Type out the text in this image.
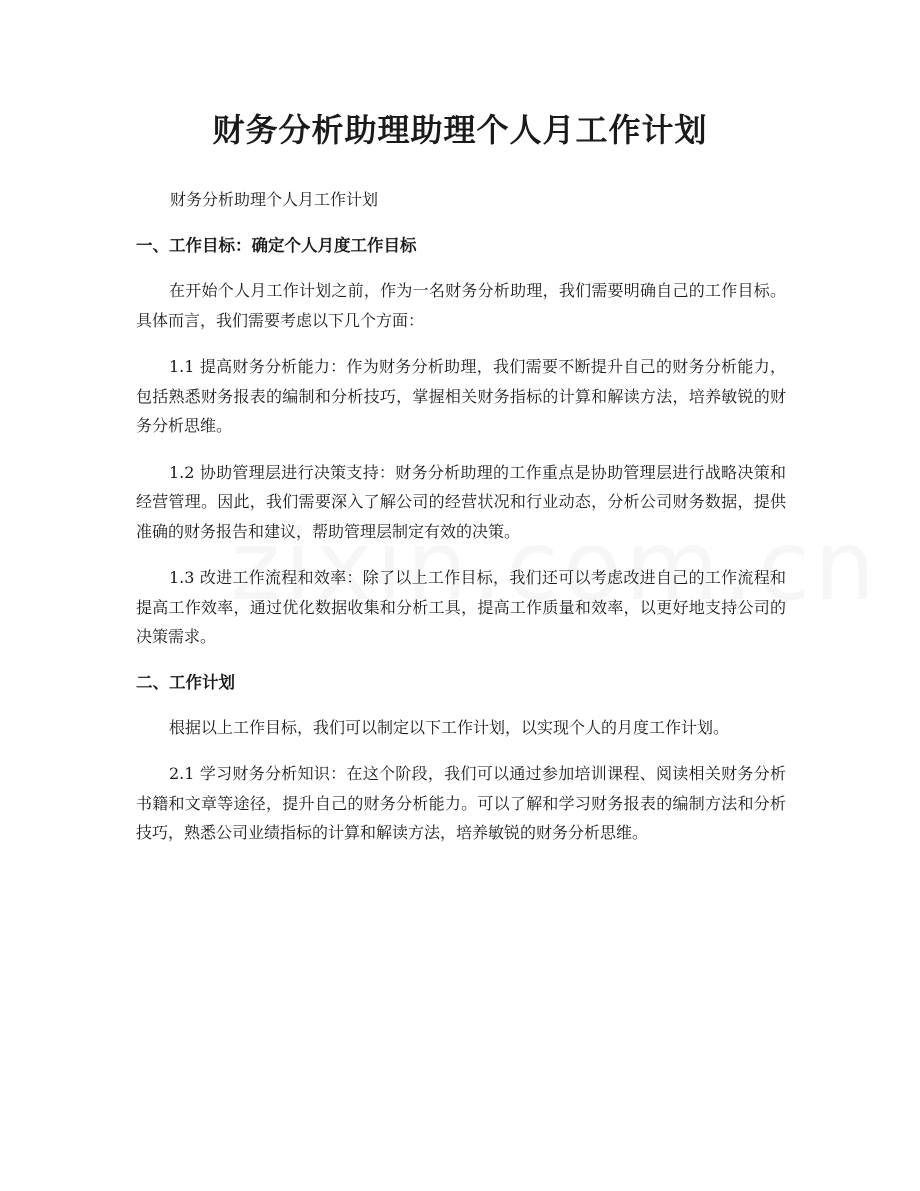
财务分析助理助理个人月工作计划

财务分析助理个人月工作计划

一、工作目标：确定个人月度工作目标

在开始个人月工作计划之前，作为一名财务分析助理，我们需要明确自己的工作目标。具体而言，我们需要考虑以下几个方面：

1.1 提高财务分析能力：作为财务分析助理，我们需要不断提升自己的财务分析能力，包括熟悉财务报表的编制和分析技巧，掌握相关财务指标的计算和解读方法，培养敏锐的财务分析思维。

1.2 协助管理层进行决策支持：财务分析助理的工作重点是协助管理层进行战略决策和经营管理。因此，我们需要深入了解公司的经营状况和行业动态，分析公司财务数据，提供准确的财务报告和建议，帮助管理层制定有效的决策。

1.3 改进工作流程和效率：除了以上工作目标，我们还可以考虑改进自己的工作流程和提高工作效率，通过优化数据收集和分析工具，提高工作质量和效率，以更好地支持公司的决策需求。

二、工作计划

根据以上工作目标，我们可以制定以下工作计划，以实现个人的月度工作计划。

2.1 学习财务分析知识：在这个阶段，我们可以通过参加培训课程、阅读相关财务分析书籍和文章等途径，提升自己的财务分析能力。可以了解和学习财务报表的编制方法和分析技巧，熟悉公司业绩指标的计算和解读方法，培养敏锐的财务分析思维。
